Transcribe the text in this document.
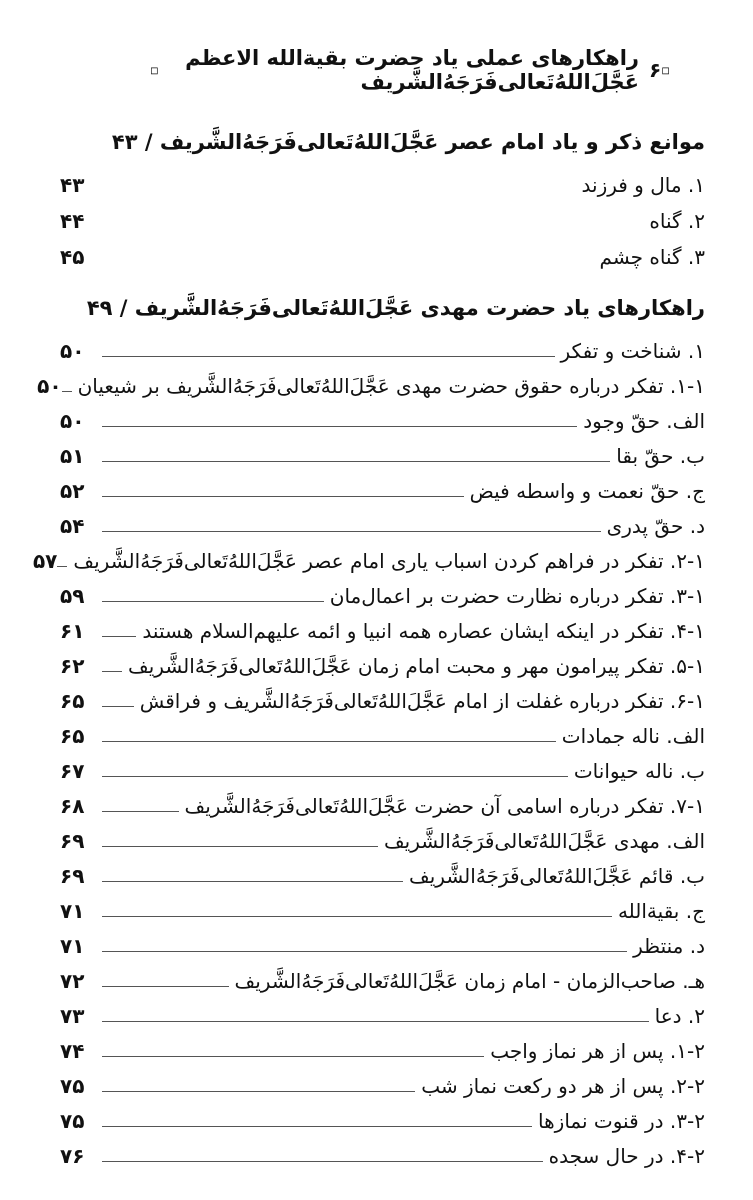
◽	راهکارهای عملی یاد حضرت بقیة‌الله الاعظم عَجَّلَ‌اللهُ‌تَعالی‌فَرَجَهُ‌الشَّریف ۶ ◽
موانع ذکر و یاد امام عصر عَجَّلَ‌اللهُ‌تَعالی‌فَرَجَهُ‌الشَّریف / ۴۳
۱. مال و فرزند
۴۳
۲. گناه
۴۴
۳. گناه چشم
۴۵
راهکارهای یاد حضرت مهدی عَجَّلَ‌اللهُ‌تَعالی‌فَرَجَهُ‌الشَّریف / ۴۹
۱. شناخت و تفکر
۵۰
۱-۱. تفکر درباره حقوق حضرت مهدی عَجَّلَ‌اللهُ‌تَعالی‌فَرَجَهُ‌الشَّریف بر شیعیان
۵۰
الف. حقّ وجود
۵۰
ب. حقّ بقا
۵۱
ج. حقّ نعمت و واسطه فیض
۵۲
د. حقّ پدری
۵۴
۲-۱. تفکر در فراهم کردن اسباب یاری امام عصر عَجَّلَ‌اللهُ‌تَعالی‌فَرَجَهُ‌الشَّریف
۵۷
۳-۱. تفکر درباره نظارت حضرت بر اعمال‌مان
۵۹
۴-۱. تفکر در اینکه ایشان عصاره همه انبیا و ائمه علیهم‌السلام هستند
۶۱
۵-۱. تفکر پیرامون مهر و محبت امام زمان عَجَّلَ‌اللهُ‌تَعالی‌فَرَجَهُ‌الشَّریف
۶۲
۶-۱. تفکر درباره غفلت از امام عَجَّلَ‌اللهُ‌تَعالی‌فَرَجَهُ‌الشَّریف و فراقش
۶۵
الف. ناله جمادات
۶۵
ب. ناله حیوانات
۶۷
۷-۱. تفکر درباره اسامی آن حضرت عَجَّلَ‌اللهُ‌تَعالی‌فَرَجَهُ‌الشَّریف
۶۸
الف. مهدی عَجَّلَ‌اللهُ‌تَعالی‌فَرَجَهُ‌الشَّریف
۶۹
ب. قائم عَجَّلَ‌اللهُ‌تَعالی‌فَرَجَهُ‌الشَّریف
۶۹
ج. بقیة‌الله
۷۱
د. منتظر
۷۱
هـ. صاحب‌الزمان - امام زمان عَجَّلَ‌اللهُ‌تَعالی‌فَرَجَهُ‌الشَّریف
۷۲
۲. دعا
۷۳
۱-۲. پس از هر نماز واجب
۷۴
۲-۲. پس از هر دو رکعت نماز شب
۷۵
۳-۲. در قنوت نمازها
۷۵
۴-۲. در حال سجده
۷۶
